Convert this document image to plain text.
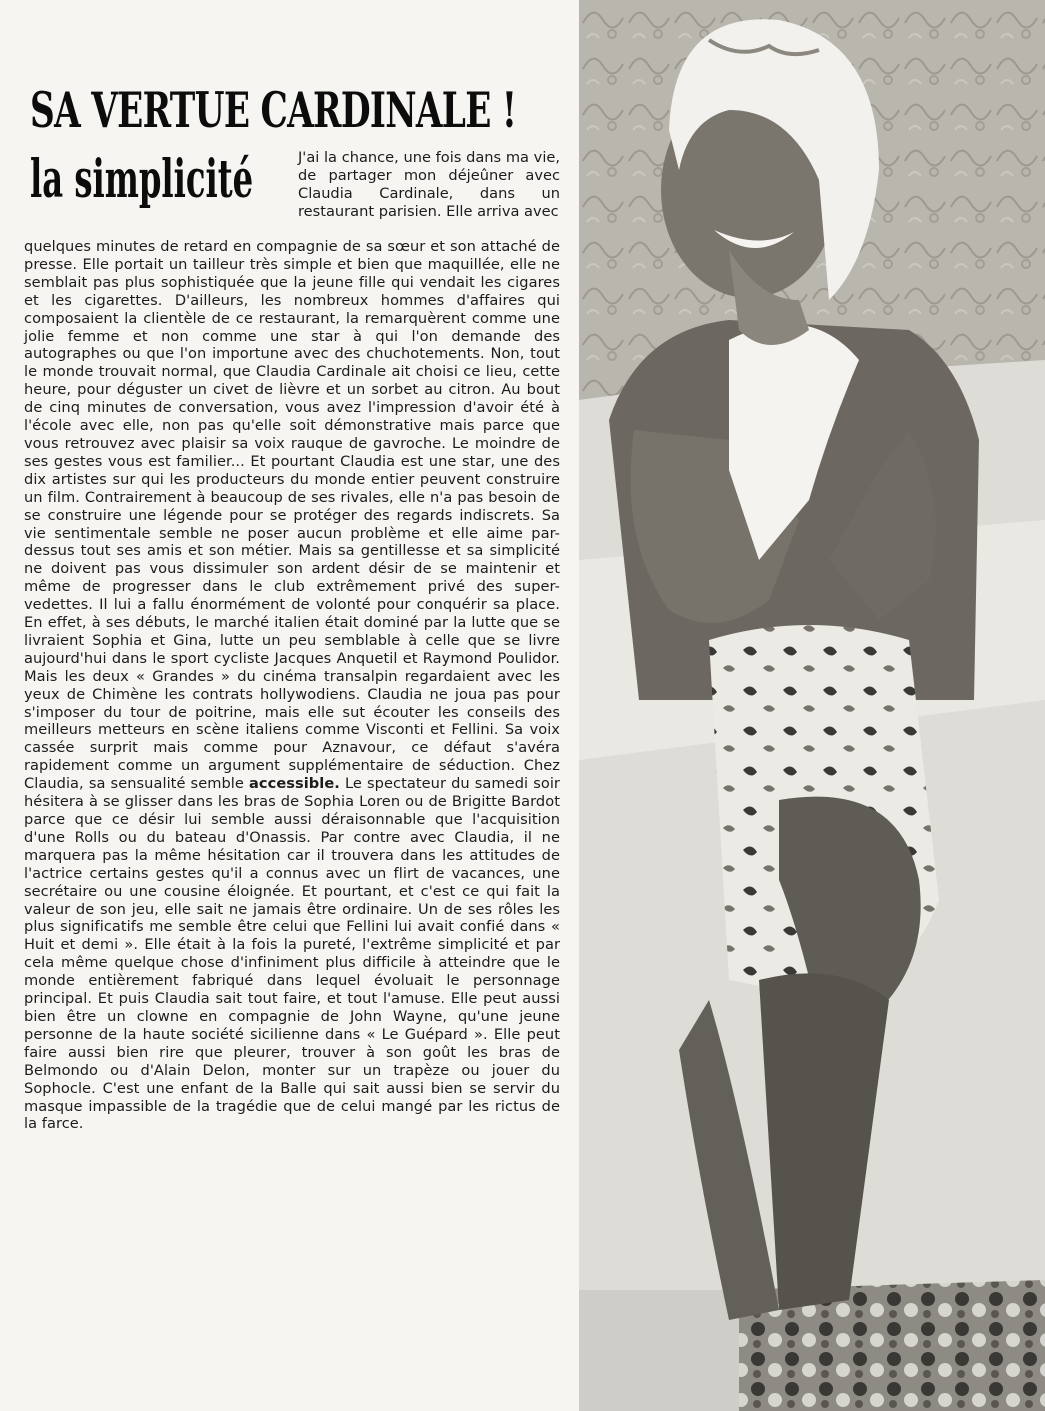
SA VERTUE CARDINALE !
la simplicité	J'ai la chance, une fois dans ma vie, de partager mon déjeûner avec Claudia Cardinale, dans un restaurant parisien. Elle arriva avec

quelques minutes de retard en compagnie de sa sœur et son attaché de presse. Elle portait un tailleur très simple et bien que maquillée, elle ne semblait pas plus sophistiquée que la jeune fille qui vendait les cigares et les cigarettes. D'ailleurs, les nombreux hommes d'affaires qui composaient la clientèle de ce restaurant, la remarquèrent comme une jolie femme et non comme une star à qui l'on demande des autographes ou que l'on importune avec des chuchotements. Non, tout le monde trouvait normal, que Claudia Cardinale ait choisi ce lieu, cette heure, pour déguster un civet de lièvre et un sorbet au citron. Au bout de cinq minutes de conversation, vous avez l'impression d'avoir été à l'école avec elle, non pas qu'elle soit démonstrative mais parce que vous retrouvez avec plaisir sa voix rauque de gavroche. Le moindre de ses gestes vous est familier... Et pourtant Claudia est une star, une des dix artistes sur qui les producteurs du monde entier peuvent construire un film. Contrairement à beaucoup de ses rivales, elle n'a pas besoin de se construire une légende pour se protéger des regards indiscrets. Sa vie sentimentale semble ne poser aucun problème et elle aime par-dessus tout ses amis et son métier. Mais sa gentillesse et sa simplicité ne doivent pas vous dissimuler son ardent désir de se maintenir et même de progresser dans le club extrêmement privé des super-vedettes. Il lui a fallu énormément de volonté pour conquérir sa place. En effet, à ses débuts, le marché italien était dominé par la lutte que se livraient Sophia et Gina, lutte un peu semblable à celle que se livre aujourd'hui dans le sport cycliste Jacques Anquetil et Raymond Poulidor. Mais les deux « Grandes » du cinéma transalpin regardaient avec les yeux de Chimène les contrats hollywodiens. Claudia ne joua pas pour s'imposer du tour de poitrine, mais elle sut écouter les conseils des meilleurs metteurs en scène italiens comme Visconti et Fellini. Sa voix cassée surprit mais comme pour Aznavour, ce défaut s'avéra rapidement comme un argument supplémentaire de séduction. Chez Claudia, sa sensualité semble accessible. Le spectateur du samedi soir hésitera à se glisser dans les bras de Sophia Loren ou de Brigitte Bardot parce que ce désir lui semble aussi déraisonnable que l'acquisition d'une Rolls ou du bateau d'Onassis. Par contre avec Claudia, il ne marquera pas la même hésitation car il trouvera dans les attitudes de l'actrice certains gestes qu'il a connus avec un flirt de vacances, une secrétaire ou une cousine éloignée. Et pourtant, et c'est ce qui fait la valeur de son jeu, elle sait ne jamais être ordinaire. Un de ses rôles les plus significatifs me semble être celui que Fellini lui avait confié dans « Huit et demi ». Elle était à la fois la pureté, l'extrême simplicité et par cela même quelque chose d'infiniment plus difficile à atteindre que le monde entièrement fabriqué dans lequel évoluait le personnage principal. Et puis Claudia sait tout faire, et tout l'amuse. Elle peut aussi bien être un clowne en compagnie de John Wayne, qu'une jeune personne de la haute société sicilienne dans « Le Guépard ». Elle peut faire aussi bien rire que pleurer, trouver à son goût les bras de Belmondo ou d'Alain Delon, monter sur un trapèze ou jouer du Sophocle. C'est une enfant de la Balle qui sait aussi bien se servir du masque impassible de la tragédie que de celui mangé par les rictus de la farce.
